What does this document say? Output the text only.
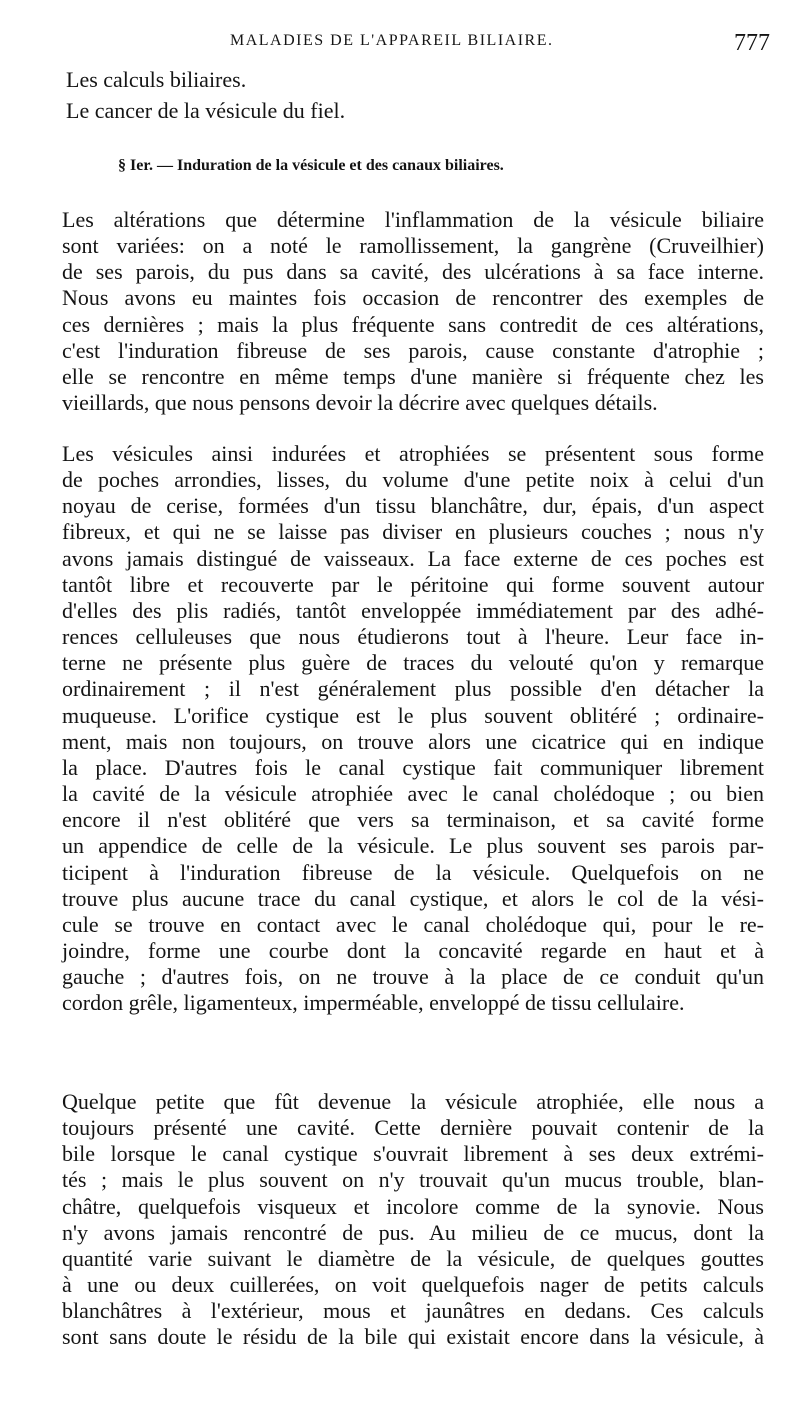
MALADIES DE L'APPAREIL BILIAIRE.	777
Les calculs biliaires.
Le cancer de la vésicule du fiel.
§ Ier. — Induration de la vésicule et des canaux biliaires.
Les altérations que détermine l'inflammation de la vésicule biliaire
sont variées: on a noté le ramollissement, la gangrène (Cruveilhier)
de ses parois, du pus dans sa cavité, des ulcérations à sa face interne.
Nous avons eu maintes fois occasion de rencontrer des exemples de
ces dernières ; mais la plus fréquente sans contredit de ces altérations,
c'est l'induration fibreuse de ses parois, cause constante d'atrophie ;
elle se rencontre en même temps d'une manière si fréquente chez les
vieillards, que nous pensons devoir la décrire avec quelques détails.
Les vésicules ainsi indurées et atrophiées se présentent sous forme
de poches arrondies, lisses, du volume d'une petite noix à celui d'un
noyau de cerise, formées d'un tissu blanchâtre, dur, épais, d'un aspect
fibreux, et qui ne se laisse pas diviser en plusieurs couches ; nous n'y
avons jamais distingué de vaisseaux. La face externe de ces poches est
tantôt libre et recouverte par le péritoine qui forme souvent autour
d'elles des plis radiés, tantôt enveloppée immédiatement par des adhé-
rences celluleuses que nous étudierons tout à l'heure. Leur face in-
terne ne présente plus guère de traces du velouté qu'on y remarque
ordinairement ; il n'est généralement plus possible d'en détacher la
muqueuse. L'orifice cystique est le plus souvent oblitéré ; ordinaire-
ment, mais non toujours, on trouve alors une cicatrice qui en indique
la place. D'autres fois le canal cystique fait communiquer librement
la cavité de la vésicule atrophiée avec le canal cholédoque ; ou bien
encore il n'est oblitéré que vers sa terminaison, et sa cavité forme
un appendice de celle de la vésicule. Le plus souvent ses parois par-
ticipent à l'induration fibreuse de la vésicule. Quelquefois on ne
trouve plus aucune trace du canal cystique, et alors le col de la vési-
cule se trouve en contact avec le canal cholédoque qui, pour le re-
joindre, forme une courbe dont la concavité regarde en haut et à
gauche ; d'autres fois, on ne trouve à la place de ce conduit qu'un
cordon grêle, ligamenteux, imperméable, enveloppé de tissu cellulaire.
Quelque petite que fût devenue la vésicule atrophiée, elle nous a
toujours présenté une cavité. Cette dernière pouvait contenir de la
bile lorsque le canal cystique s'ouvrait librement à ses deux extrémi-
tés ; mais le plus souvent on n'y trouvait qu'un mucus trouble, blan-
châtre, quelquefois visqueux et incolore comme de la synovie. Nous
n'y avons jamais rencontré de pus. Au milieu de ce mucus, dont la
quantité varie suivant le diamètre de la vésicule, de quelques gouttes
à une ou deux cuillerées, on voit quelquefois nager de petits calculs
blanchâtres à l'extérieur, mous et jaunâtres en dedans. Ces calculs
sont sans doute le résidu de la bile qui existait encore dans la vésicule, à
